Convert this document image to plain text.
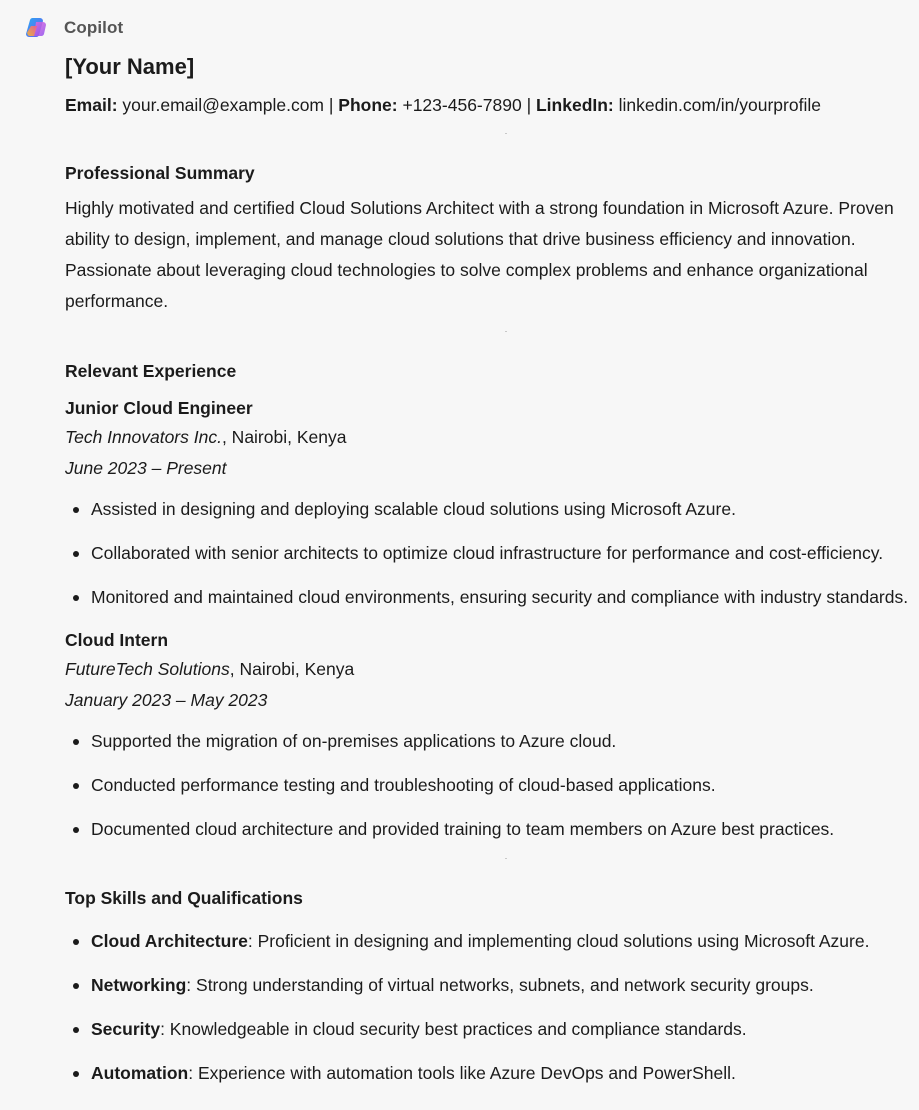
Copilot
[Your Name]
Email: your.email@example.com | Phone: +123-456-7890 | LinkedIn: linkedin.com/in/yourprofile
Professional Summary

Highly motivated and certified Cloud Solutions Architect with a strong foundation in Microsoft Azure. Proven ability to design, implement, and manage cloud solutions that drive business efficiency and innovation. Passionate about leveraging cloud technologies to solve complex problems and enhance organizational performance.

Relevant Experience
Junior Cloud Engineer
Tech Innovators Inc., Nairobi, Kenya
June 2023 – Present
Assisted in designing and deploying scalable cloud solutions using Microsoft Azure.
Collaborated with senior architects to optimize cloud infrastructure for performance and cost-efficiency.
Monitored and maintained cloud environments, ensuring security and compliance with industry standards.
Cloud Intern
FutureTech Solutions, Nairobi, Kenya
January 2023 – May 2023
Supported the migration of on-premises applications to Azure cloud.
Conducted performance testing and troubleshooting of cloud-based applications.
Documented cloud architecture and provided training to team members on Azure best practices.
Top Skills and Qualifications
Cloud Architecture: Proficient in designing and implementing cloud solutions using Microsoft Azure.
Networking: Strong understanding of virtual networks, subnets, and network security groups.
Security: Knowledgeable in cloud security best practices and compliance standards.
Automation: Experience with automation tools like Azure DevOps and PowerShell.
